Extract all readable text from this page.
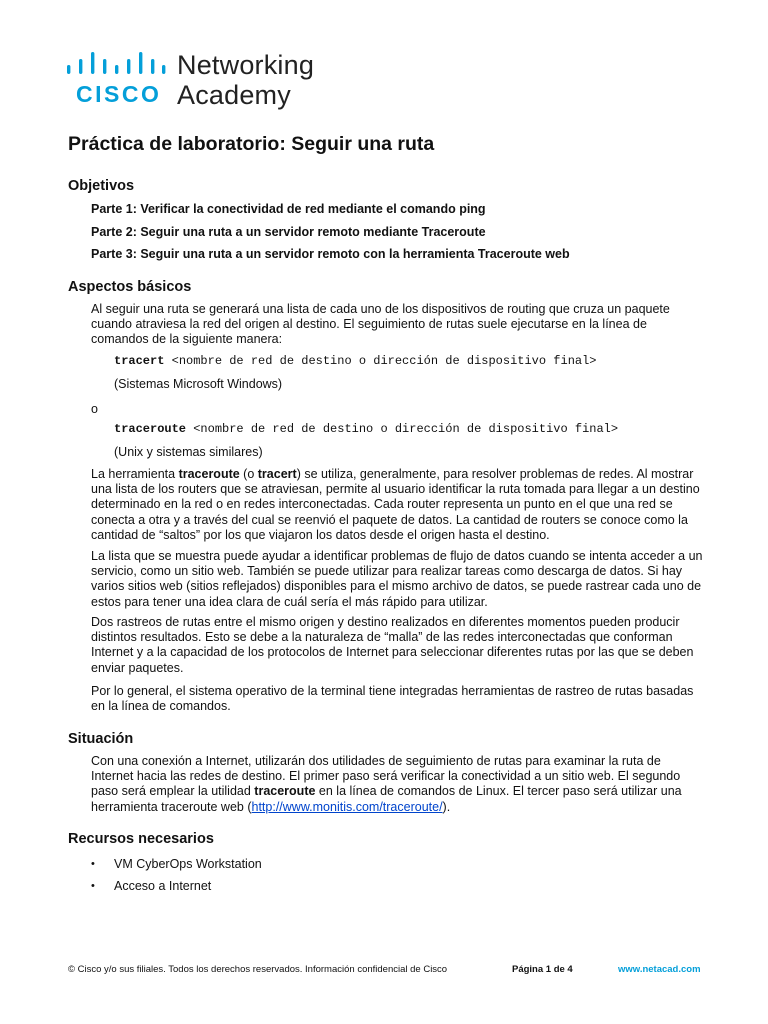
CISCO
Networking
Academy
Práctica de laboratorio: Seguir una ruta
Objetivos
Parte 1: Verificar la conectividad de red mediante el comando ping
Parte 2: Seguir una ruta a un servidor remoto mediante Traceroute
Parte 3: Seguir una ruta a un servidor remoto con la herramienta Traceroute web
Aspectos básicos
Al seguir una ruta se generará una lista de cada uno de los dispositivos de routing que cruza un paquete cuando atraviesa la red del origen al destino. El seguimiento de rutas suele ejecutarse en la línea de comandos de la siguiente manera:
tracert <nombre de red de destino o dirección de dispositivo final>
(Sistemas Microsoft Windows)
o
traceroute <nombre de red de destino o dirección de dispositivo final>
(Unix y sistemas similares)
La herramienta traceroute (o tracert) se utiliza, generalmente, para resolver problemas de redes. Al mostrar una lista de los routers que se atraviesan, permite al usuario identificar la ruta tomada para llegar a un destino determinado en la red o en redes interconectadas. Cada router representa un punto en el que una red se conecta a otra y a través del cual se reenvió el paquete de datos. La cantidad de routers se conoce como la cantidad de “saltos” por los que viajaron los datos desde el origen hasta el destino.
La lista que se muestra puede ayudar a identificar problemas de flujo de datos cuando se intenta acceder a un servicio, como un sitio web. También se puede utilizar para realizar tareas como descarga de datos. Si hay varios sitios web (sitios reflejados) disponibles para el mismo archivo de datos, se puede rastrear cada uno de estos para tener una idea clara de cuál sería el más rápido para utilizar.
Dos rastreos de rutas entre el mismo origen y destino realizados en diferentes momentos pueden producir distintos resultados. Esto se debe a la naturaleza de “malla” de las redes interconectadas que conforman Internet y a la capacidad de los protocolos de Internet para seleccionar diferentes rutas por las que se deben enviar paquetes.
Por lo general, el sistema operativo de la terminal tiene integradas herramientas de rastreo de rutas basadas en la línea de comandos.
Situación
Con una conexión a Internet, utilizarán dos utilidades de seguimiento de rutas para examinar la ruta de Internet hacia las redes de destino. El primer paso será verificar la conectividad a un sitio web. El segundo paso será emplear la utilidad traceroute en la línea de comandos de Linux. El tercer paso será utilizar una herramienta traceroute web (http://www.monitis.com/traceroute/).
Recursos necesarios
• VM CyberOps Workstation
• Acceso a Internet
© Cisco y/o sus filiales. Todos los derechos reservados. Información confidencial de Cisco	Página 1 de 4	www.netacad.com
